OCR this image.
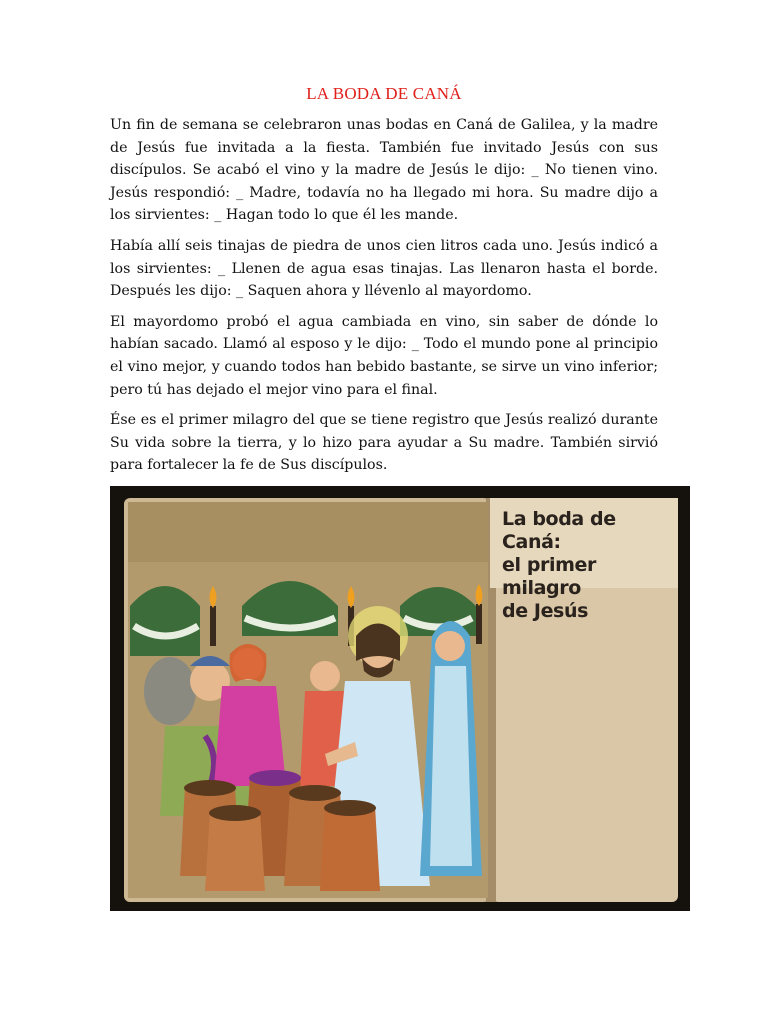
LA BODA DE CANÁ

Un fin de semana se celebraron unas bodas en Caná de Galilea, y la madre de Jesús fue invitada a la fiesta. También fue invitado Jesús con sus discípulos. Se acabó el vino y la madre de Jesús le dijo: _ No tienen vino. Jesús respondió: _ Madre, todavía no ha llegado mi hora. Su madre dijo a los sirvientes: _ Hagan todo lo que él les mande.

Había allí seis tinajas de piedra de unos cien litros cada uno. Jesús indicó a los sirvientes: _ Llenen de agua esas tinajas. Las llenaron hasta el borde. Después les dijo: _ Saquen ahora y llévenlo al mayordomo.

El mayordomo probó el agua cambiada en vino, sin saber de dónde lo habían sacado. Llamó al esposo y le dijo: _ Todo el mundo pone al principio el vino mejor, y cuando todos han bebido bastante, se sirve un vino inferior; pero tú has dejado el mejor vino para el final.

Ése es el primer milagro del que se tiene registro que Jesús realizó durante Su vida sobre la tierra, y lo hizo para ayudar a Su madre. También sirvió para fortalecer la fe de Sus discípulos.

La boda de Caná:
el primer milagro
de Jesús
